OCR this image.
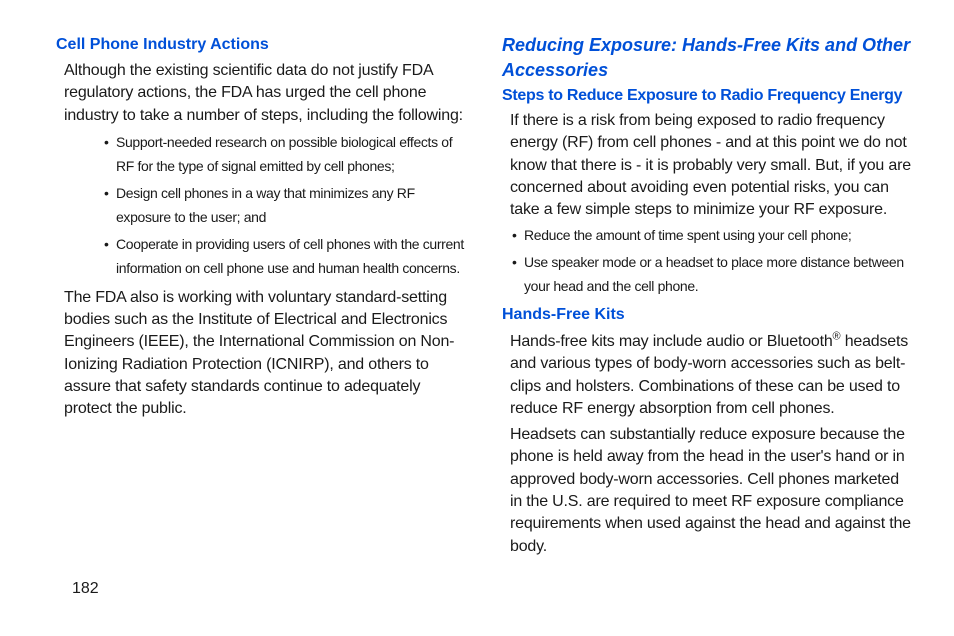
Cell Phone Industry Actions

Although the existing scientific data do not justify FDA regulatory actions, the FDA has urged the cell phone industry to take a number of steps, including the following:

• Support-needed research on possible biological effects of RF for the type of signal emitted by cell phones;
• Design cell phones in a way that minimizes any RF exposure to the user; and
• Cooperate in providing users of cell phones with the current information on cell phone use and human health concerns.

The FDA also is working with voluntary standard-setting bodies such as the Institute of Electrical and Electronics Engineers (IEEE), the International Commission on Non-Ionizing Radiation Protection (ICNIRP), and others to assure that safety standards continue to adequately protect the public.

Reducing Exposure: Hands-Free Kits and Other Accessories
Steps to Reduce Exposure to Radio Frequency Energy

If there is a risk from being exposed to radio frequency energy (RF) from cell phones - and at this point we do not know that there is - it is probably very small. But, if you are concerned about avoiding even potential risks, you can take a few simple steps to minimize your RF exposure.

• Reduce the amount of time spent using your cell phone;
• Use speaker mode or a headset to place more distance between your head and the cell phone.
Hands-Free Kits

Hands-free kits may include audio or Bluetooth® headsets and various types of body-worn accessories such as belt-clips and holsters. Combinations of these can be used to reduce RF energy absorption from cell phones.

Headsets can substantially reduce exposure because the phone is held away from the head in the user's hand or in approved body-worn accessories. Cell phones marketed in the U.S. are required to meet RF exposure compliance requirements when used against the head and against the body.

182
